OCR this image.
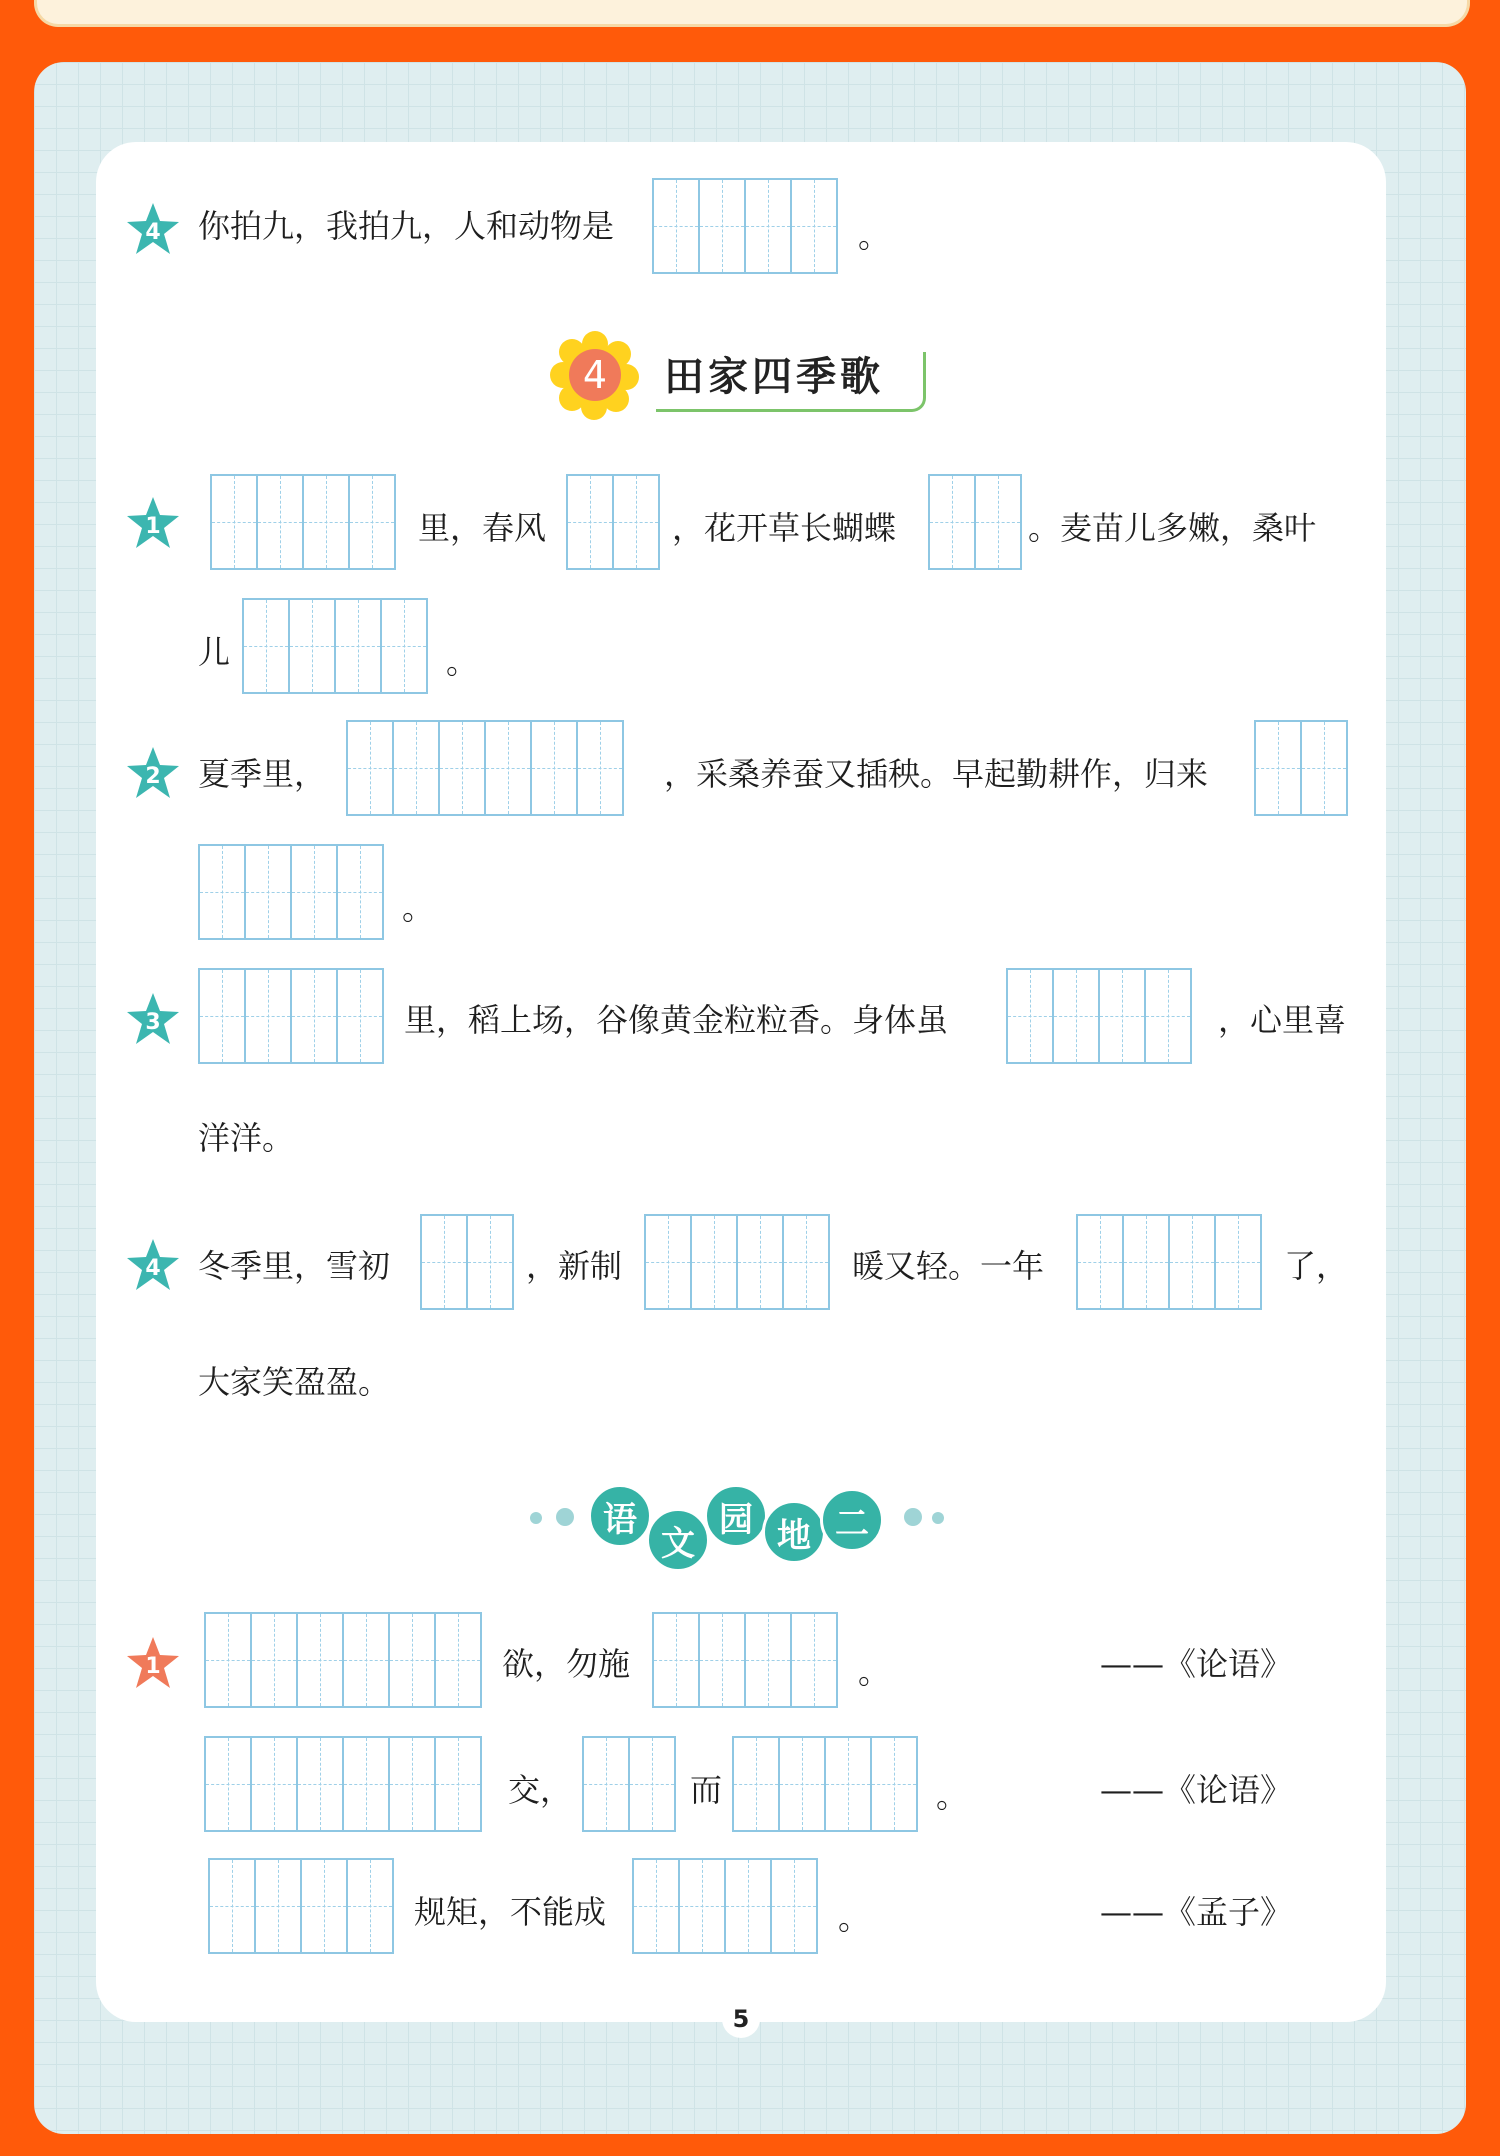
4	你拍九，我拍九，人和动物是	。
4 田家四季歌
1	里，春风	，花开草长蝴蝶	。麦苗儿多嫩，桑叶
儿	。
2	夏季里，	，采桑养蚕又插秧。早起勤耕作，归来
。
3	里，稻上场，谷像黄金粒粒香。身体虽	，心里喜
洋洋。
4	冬季里，雪初	，新制	暖又轻。一年	了，
大家笑盈盈。
语
文
园 地 二
1	欲，勿施	。	——《论语》
交，	而	。	——《论语》
规矩，不能成	。	——《孟子》
5
